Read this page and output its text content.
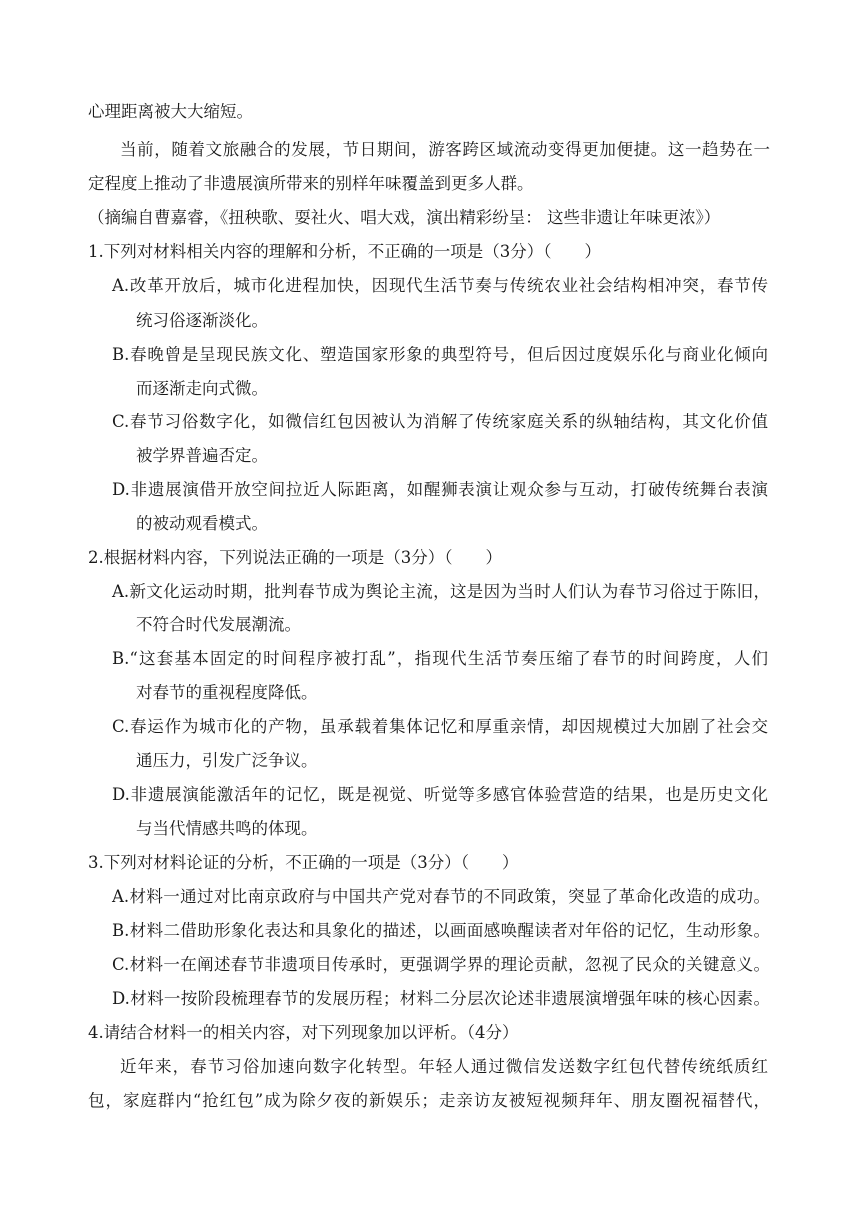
心理距离被大大缩短。
当前，随着文旅融合的发展，节日期间，游客跨区域流动变得更加便捷。这一趋势在一
定程度上推动了非遗展演所带来的别样年味覆盖到更多人群。
（摘编自曹嘉睿，《扭秧歌、耍社火、唱大戏，演出精彩纷呈： 这些非遗让年味更浓》）
1.下列对材料相关内容的理解和分析，不正确的一项是（3分）（　　）
A.改革开放后，城市化进程加快，因现代生活节奏与传统农业社会结构相冲突，春节传
统习俗逐渐淡化。
B.春晚曾是呈现民族文化、塑造国家形象的典型符号，但后因过度娱乐化与商业化倾向
而逐渐走向式微。
C.春节习俗数字化，如微信红包因被认为消解了传统家庭关系的纵轴结构，其文化价值
被学界普遍否定。
D.非遗展演借开放空间拉近人际距离，如醒狮表演让观众参与互动，打破传统舞台表演
的被动观看模式。
2.根据材料内容，下列说法正确的一项是（3分）（　　）
A.新文化运动时期，批判春节成为舆论主流，这是因为当时人们认为春节习俗过于陈旧，
不符合时代发展潮流。
B.“这套基本固定的时间程序被打乱”，指现代生活节奏压缩了春节的时间跨度，人们
对春节的重视程度降低。
C.春运作为城市化的产物，虽承载着集体记忆和厚重亲情，却因规模过大加剧了社会交
通压力，引发广泛争议。
D.非遗展演能激活年的记忆，既是视觉、听觉等多感官体验营造的结果，也是历史文化
与当代情感共鸣的体现。
3.下列对材料论证的分析，不正确的一项是（3分）（　　）
A.材料一通过对比南京政府与中国共产党对春节的不同政策，突显了革命化改造的成功。
B.材料二借助形象化表达和具象化的描述，以画面感唤醒读者对年俗的记忆，生动形象。
C.材料一在阐述春节非遗项目传承时，更强调学界的理论贡献，忽视了民众的关键意义。
D.材料一按阶段梳理春节的发展历程；材料二分层次论述非遗展演增强年味的核心因素。
4.请结合材料一的相关内容，对下列现象加以评析。（4分）
近年来，春节习俗加速向数字化转型。年轻人通过微信发送数字红包代替传统纸质红
包，家庭群内“抢红包”成为除夕夜的新娱乐；走亲访友被短视频拜年、朋友圈祝福替代，
